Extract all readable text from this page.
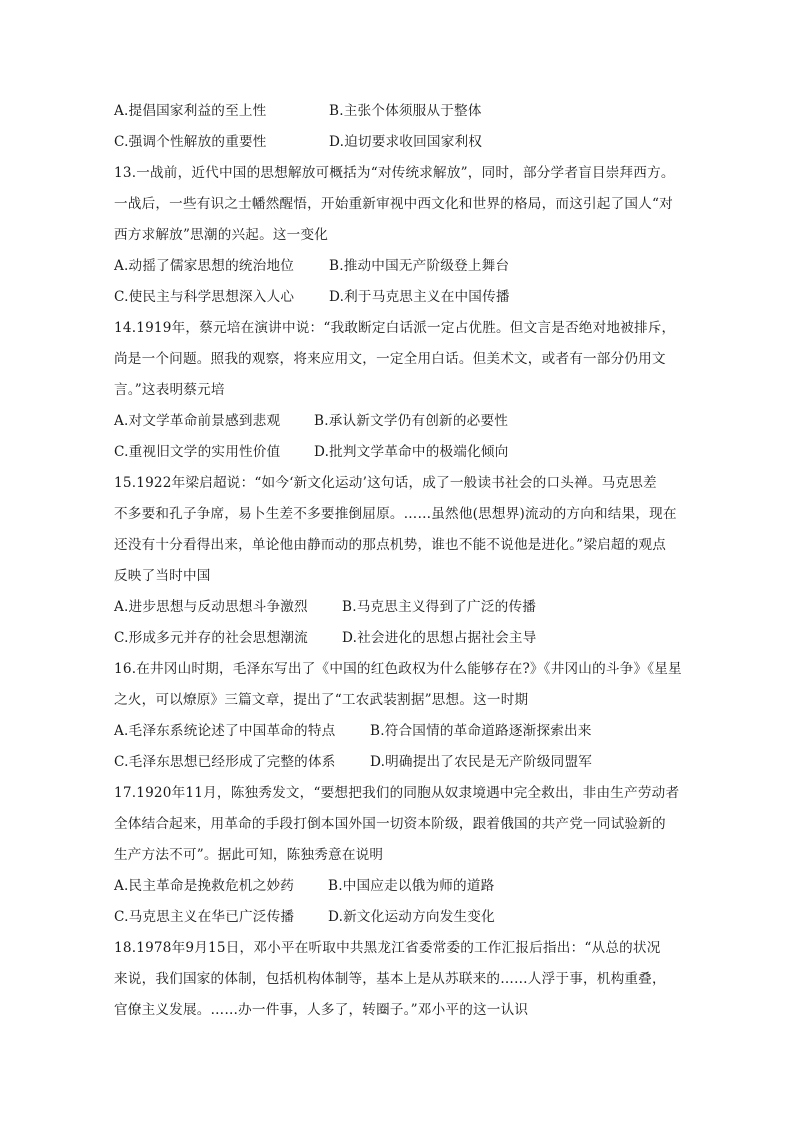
A.提倡国家利益的至上性	B.主张个体须服从于整体
C.强调个性解放的重要性	D.迫切要求收回国家利权
13.一战前，近代中国的思想解放可概括为“对传统求解放”，同时，部分学者盲目崇拜西方。
一战后，一些有识之士幡然醒悟，开始重新审视中西文化和世界的格局，而这引起了国人“对
西方求解放”思潮的兴起。这一变化
A.动摇了儒家思想的统治地位	B.推动中国无产阶级登上舞台
C.使民主与科学思想深入人心	D.利于马克思主义在中国传播
14.1919年，蔡元培在演讲中说：“我敢断定白话派一定占优胜。但文言是否绝对地被排斥，
尚是一个问题。照我的观察，将来应用文，一定全用白话。但美术文，或者有一部分仍用文
言。”这表明蔡元培
A.对文学革命前景感到悲观 B.承认新文学仍有创新的必要性
C.重视旧文学的实用性价值 D.批判文学革命中的极端化倾向
15.1922年梁启超说：“如今‘新文化运动’这句话，成了一般读书社会的口头禅。马克思差
不多要和孔子争席，易卜生差不多要推倒屈原。……虽然他(思想界)流动的方向和结果，现在
还没有十分看得出来，单论他由静而动的那点机势，谁也不能不说他是进化。”梁启超的观点
反映了当时中国
A.进步思想与反动思想斗争激烈	B.马克思主义得到了广泛的传播
C.形成多元并存的社会思想潮流	D.社会进化的思想占据社会主导
16.在井冈山时期，毛泽东写出了《中国的红色政权为什么能够存在?》《井冈山的斗争》《星星
之火，可以燎原》三篇文章，提出了“工农武装割据”思想。这一时期
A.毛泽东系统论述了中国革命的特点	B.符合国情的革命道路逐渐探索出来
C.毛泽东思想已经形成了完整的体系	D.明确提出了农民是无产阶级同盟军
17.1920年11月，陈独秀发文，“要想把我们的同胞从奴隶境遇中完全救出，非由生产劳动者
全体结合起来，用革命的手段打倒本国外国一切资本阶级，跟着俄国的共产党一同试验新的
生产方法不可”。据此可知，陈独秀意在说明
A.民主革命是挽救危机之妙药 B.中国应走以俄为师的道路
C.马克思主义在华已广泛传播 D.新文化运动方向发生变化
18.1978年9月15日，邓小平在听取中共黑龙江省委常委的工作汇报后指出：“从总的状况
来说，我们国家的体制，包括机构体制等，基本上是从苏联来的……人浮于事，机构重叠，
官僚主义发展。……办一件事，人多了，转圈子。”邓小平的这一认识
